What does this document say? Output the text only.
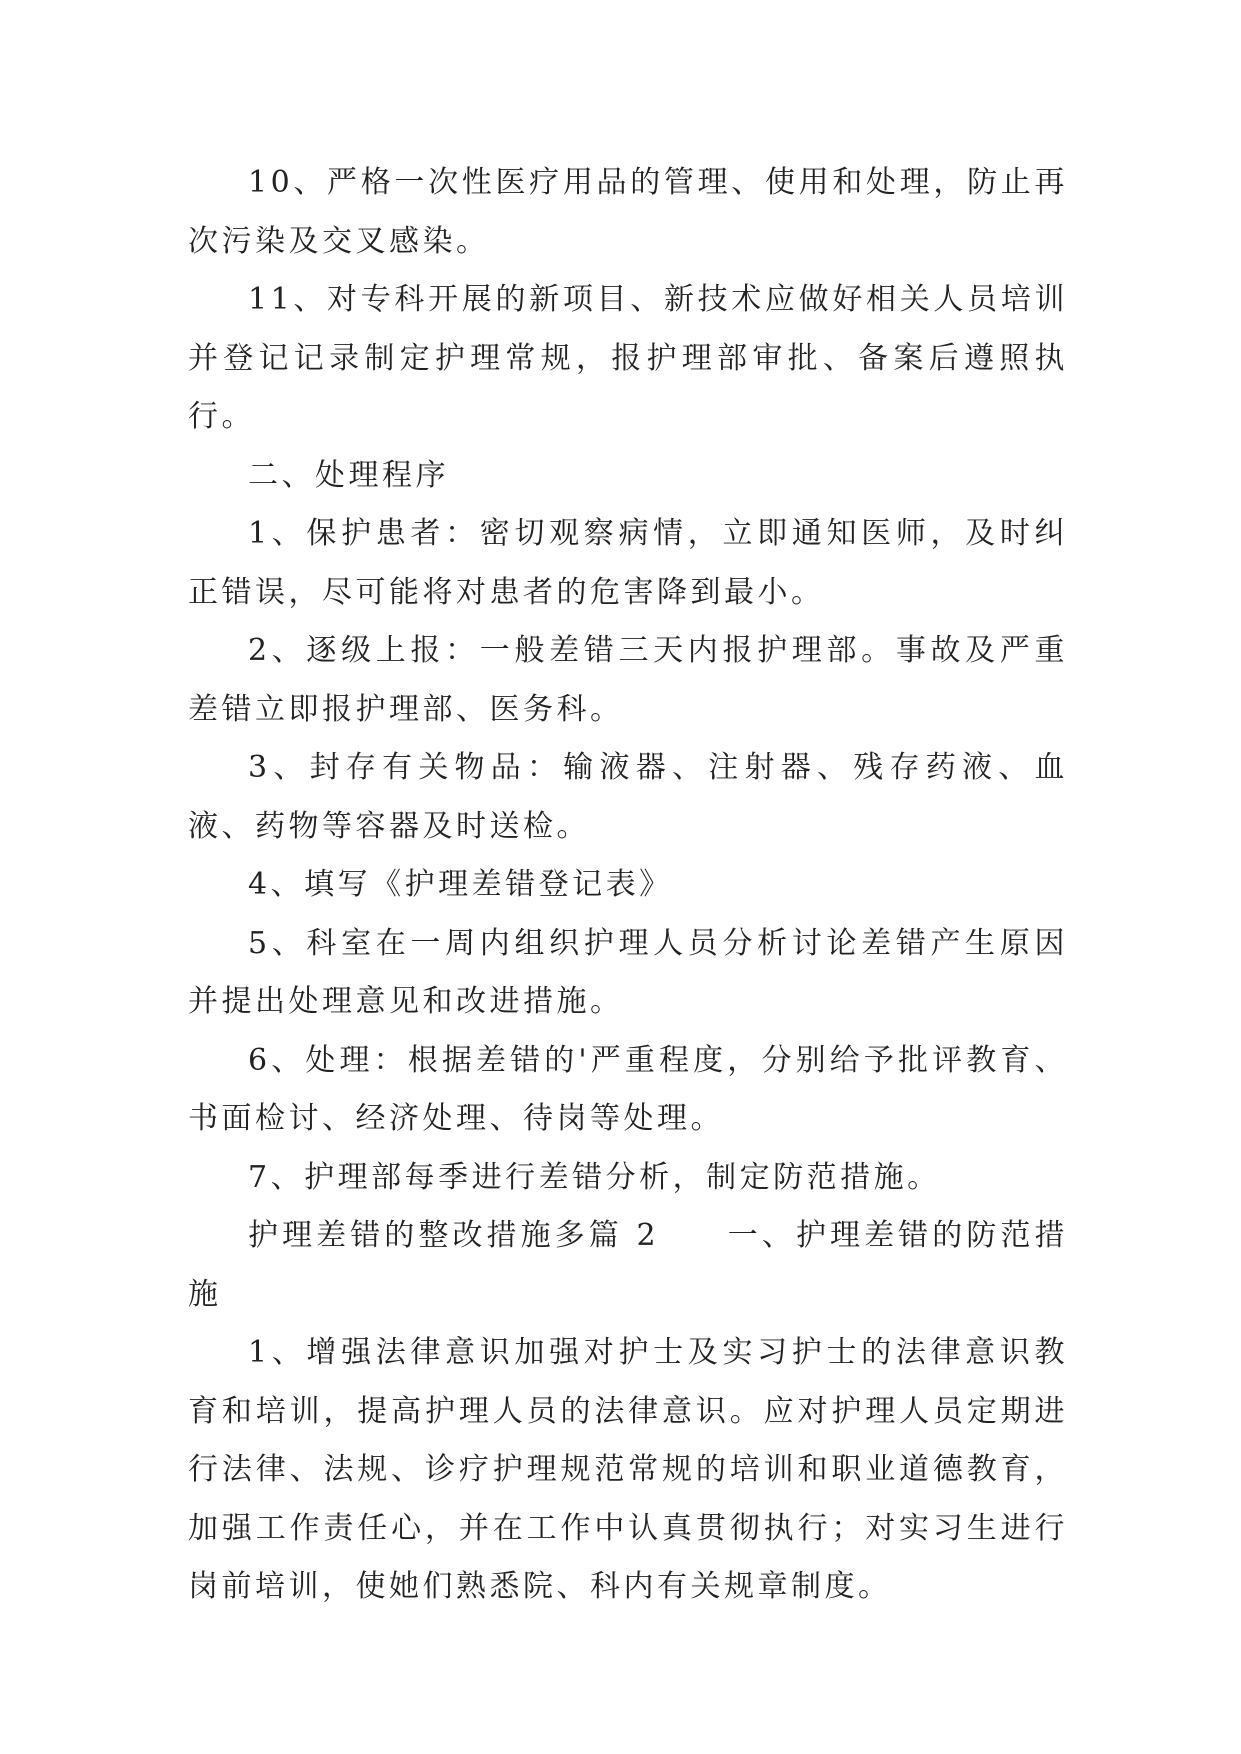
10、严格一次性医疗用品的管理、使用和处理，防止再次污染及交叉感染。

11、对专科开展的新项目、新技术应做好相关人员培训并登记记录制定护理常规，报护理部审批、备案后遵照执行。

二、处理程序

1、保护患者：密切观察病情，立即通知医师，及时纠正错误，尽可能将对患者的危害降到最小。

2、逐级上报：一般差错三天内报护理部。事故及严重差错立即报护理部、医务科。

3、封存有关物品：输液器、注射器、残存药液、血液、药物等容器及时送检。

4、填写《护理差错登记表》

5、科室在一周内组织护理人员分析讨论差错产生原因并提出处理意见和改进措施。

6、处理：根据差错的'严重程度，分别给予批评教育、书面检讨、经济处理、待岗等处理。

7、护理部每季进行差错分析，制定防范措施。

护理差错的整改措施多篇 2　　一、护理差错的防范措施

1、增强法律意识加强对护士及实习护士的法律意识教育和培训，提高护理人员的法律意识。应对护理人员定期进行法律、法规、诊疗护理规范常规的培训和职业道德教育，加强工作责任心，并在工作中认真贯彻执行；对实习生进行岗前培训，使她们熟悉院、科内有关规章制度。
